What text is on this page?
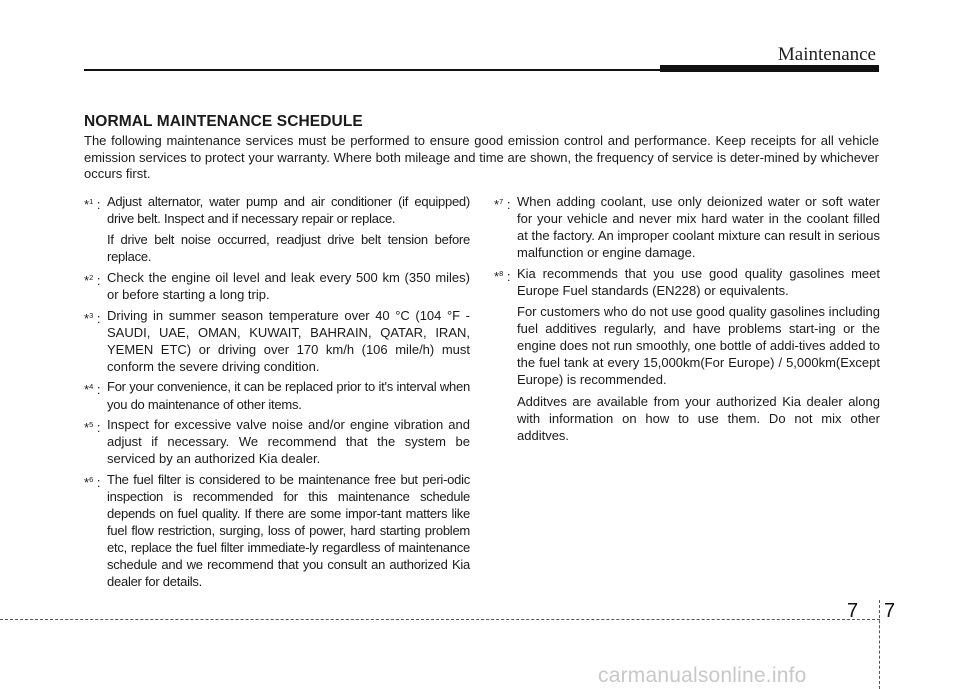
Maintenance
NORMAL MAINTENANCE SCHEDULE
The following maintenance services must be performed to ensure good emission control and performance. Keep receipts for all vehicle emission services to protect your warranty. Where both mileage and time are shown, the frequency of service is deter-mined by whichever occurs first.
*$^1$ : Adjust alternator, water pump and air conditioner (if equipped) drive belt. Inspect and if necessary repair or replace.
If drive belt noise occurred, readjust drive belt tension before replace.
*$^2$ : Check the engine oil level and leak every 500 km (350 miles) or before starting a long trip.
*$^3$ : Driving in summer season temperature over 40 °C (104 °F - SAUDI, UAE, OMAN, KUWAIT, BAHRAIN, QATAR, IRAN, YEMEN ETC) or driving over 170 km/h (106 mile/h) must conform the severe driving condition.
*$^4$ : For your convenience, it can be replaced prior to it's interval when you do maintenance of other items.
*$^5$ : Inspect for excessive valve noise and/or engine vibration and adjust if necessary. We recommend that the system be serviced by an authorized Kia dealer.
*$^6$ : The fuel filter is considered to be maintenance free but peri-odic inspection is recommended for this maintenance schedule depends on fuel quality. If there are some impor-tant matters like fuel flow restriction, surging, loss of power, hard starting problem etc, replace the fuel filter immediate-ly regardless of maintenance schedule and we recommend that you consult an authorized Kia dealer for details.
*$^7$ : When adding coolant, use only deionized water or soft water for your vehicle and never mix hard water in the coolant filled at the factory. An improper coolant mixture can result in serious malfunction or engine damage.
*$^8$ : Kia recommends that you use good quality gasolines meet Europe Fuel standards (EN228) or equivalents.
For customers who do not use good quality gasolines including fuel additives regularly, and have problems start-ing or the engine does not run smoothly, one bottle of addi-tives added to the fuel tank at every 15,000km(For Europe) / 5,000km(Except Europe) is recommended.
Additves are available from your authorized Kia dealer along with information on how to use them. Do not mix other additves.
7 7
carmanualsonline.info
